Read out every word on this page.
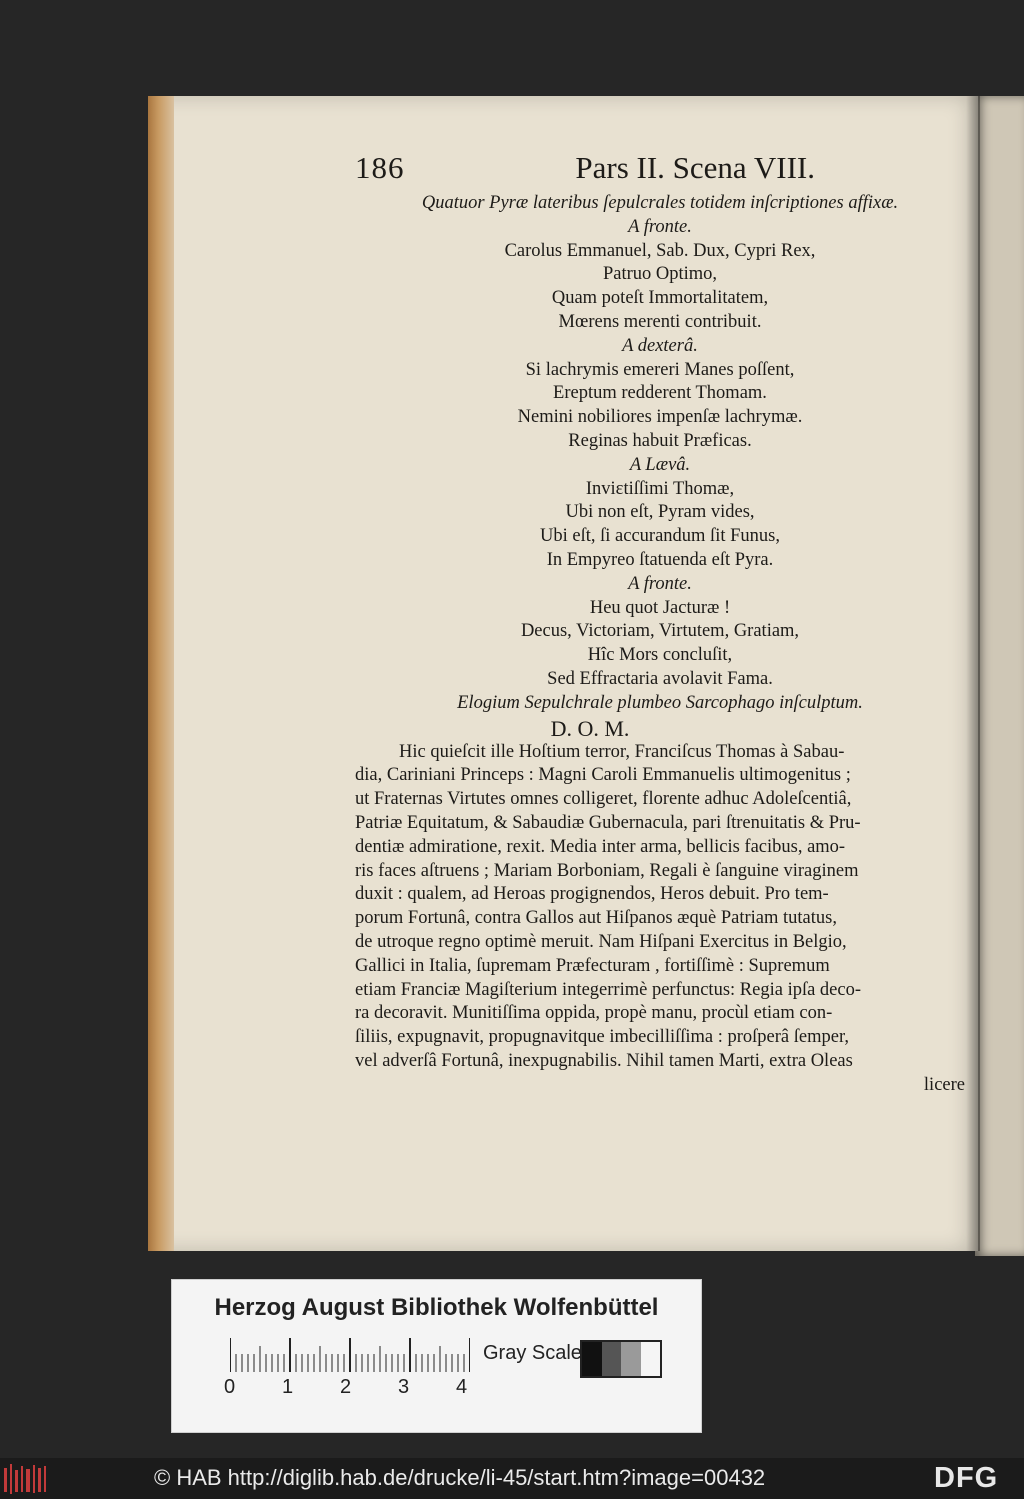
186	Pars II. Scena VIII.
Quatuor Pyræ lateribus ſepulcrales totidem inſcriptiones affixæ.
A fronte.
Carolus Emmanuel, Sab. Dux, Cypri Rex,
Patruo Optimo,
Quam poteſt Immortalitatem,
Mœrens merenti contribuit.
A dexterâ.
Si lachrymis emereri Manes poſſent,
Ereptum redderent Thomam.
Nemini nobiliores impenſæ lachrymæ.
Reginas habuit Præficas.
A Lævâ.
Inviɛtiſſimi Thomæ,
Ubi non eſt, Pyram vides,
Ubi eſt, ſi accurandum ſit Funus,
In Empyreo ſtatuenda eſt Pyra.
A fronte.
Heu quot Jacturæ !
Decus, Victoriam, Virtutem, Gratiam,
Hîc Mors concluſit,
Sed Effractaria avolavit Fama.
Elogium Sepulchrale plumbeo Sarcophago inſculptum.
D. O. M.
Hic quieſcit ille Hoſtium terror, Franciſcus Thomas à Sabau-
dia, Cariniani Princeps : Magni Caroli Emmanuelis ultimogenitus ;
ut Fraternas Virtutes omnes colligeret, florente adhuc Adoleſcentiâ,
Patriæ Equitatum, & Sabaudiæ Gubernacula, pari ſtrenuitatis & Pru-
dentiæ admiratione, rexit. Media inter arma, bellicis facibus, amo-
ris faces aſtruens ; Mariam Borboniam, Regali è ſanguine viraginem
duxit : qualem, ad Heroas progignendos, Heros debuit. Pro tem-
porum Fortunâ, contra Gallos aut Hiſpanos æquè Patriam tutatus,
de utroque regno optimè meruit. Nam Hiſpani Exercitus in Belgio,
Gallici in Italia, ſupremam Præfecturam , fortiſſimè : Supremum
etiam Franciæ Magiſterium integerrimè perfunctus: Regia ipſa deco-
ra decoravit. Munitiſſima oppida, propè manu, procùl etiam con-
ſiliis, expugnavit, propugnavitque imbecilliſſima : proſperâ ſemper,
vel adverſâ Fortunâ, inexpugnabilis. Nihil tamen Marti, extra Oleas
licere
Herzog August Bibliothek Wolfenbüttel
0 1 2 3 4
Gray Scale
© HAB http://diglib.hab.de/drucke/li-45/start.htm?image=00432	DFG
